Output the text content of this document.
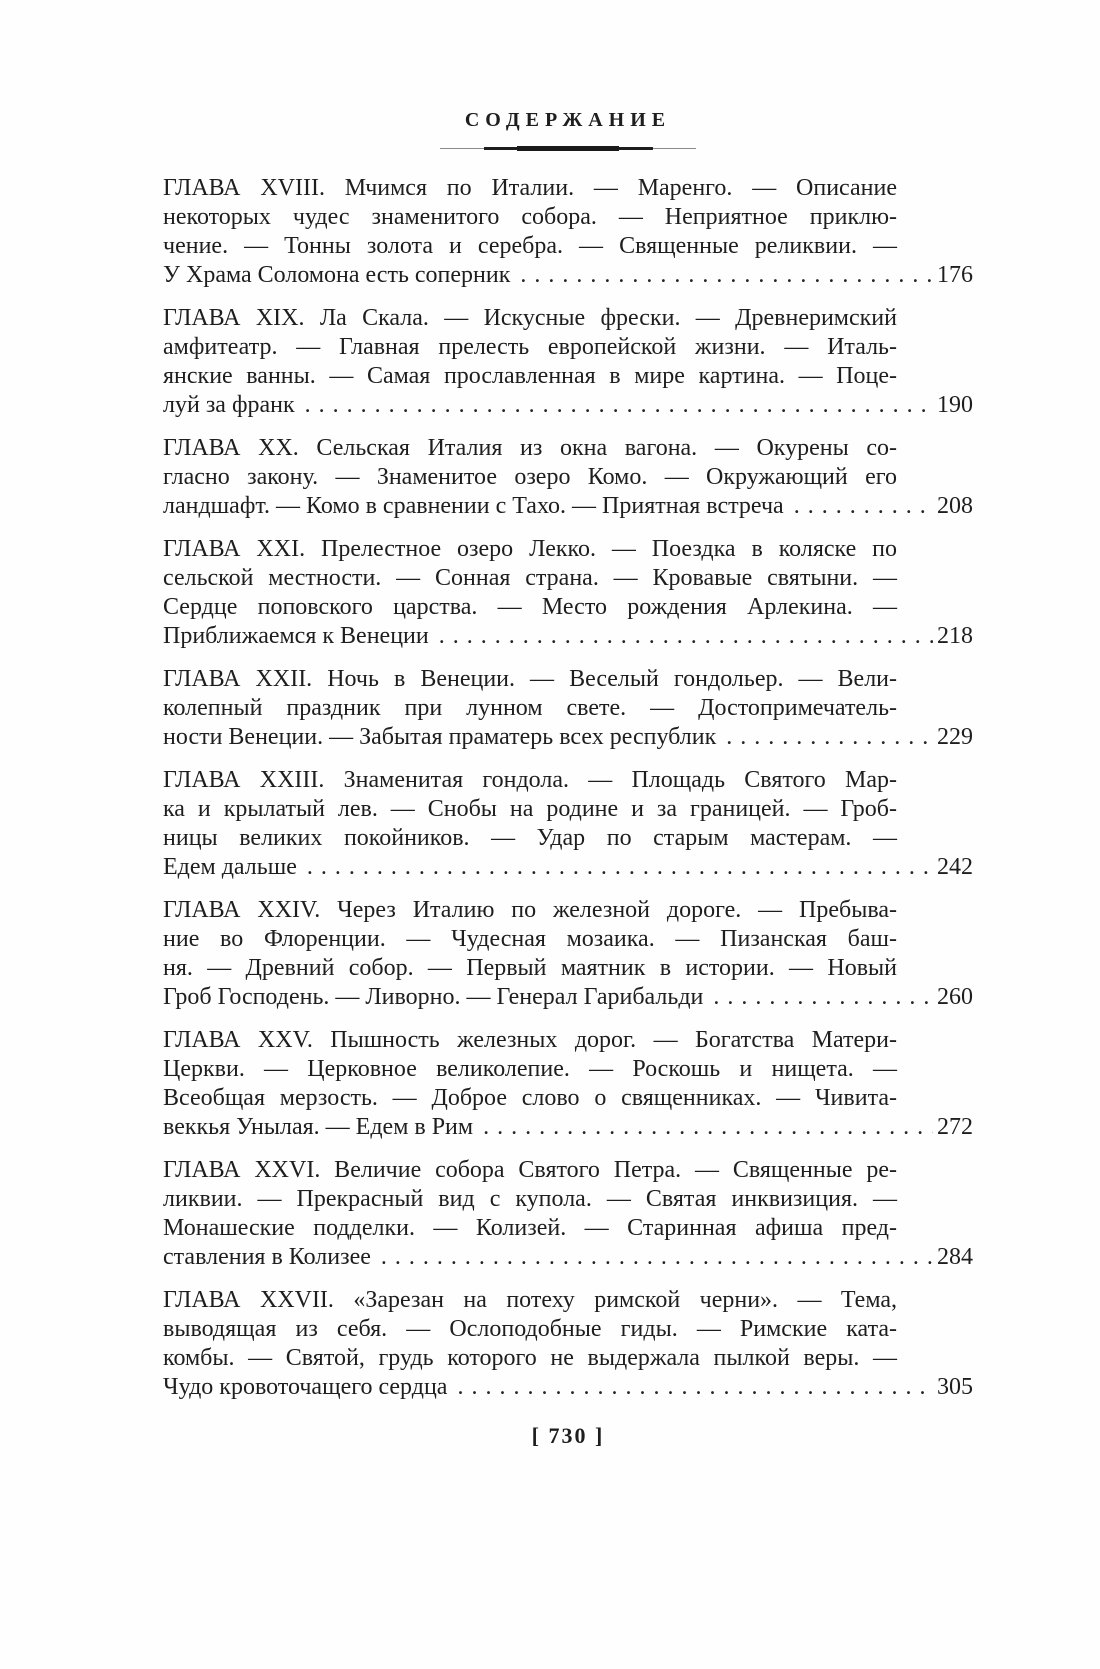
СОДЕРЖАНИЕ
ГЛАВА XVIII. Мчимся по Италии. — Маренго. — Описание
некоторых чудес знаменитого собора. — Неприятное приклю-
чение. — Тонны золота и серебра. — Священные реликвии. —
У Храма Соломона есть соперник .....	176
ГЛАВА XIX. Ла Скала. — Искусные фрески. — Древнеримский
амфитеатр. — Главная прелесть европейской жизни. — Италь-
янские ванны. — Самая прославленная в мире картина. — Поце-
луй за франк .....	190
ГЛАВА XX. Сельская Италия из окна вагона. — Окурены со-
гласно закону. — Знаменитое озеро Комо. — Окружающий его
ландшафт. — Комо в сравнении с Тахо. — Приятная встреча .....	208
ГЛАВА XXI. Прелестное озеро Лекко. — Поездка в коляске по
сельской местности. — Сонная страна. — Кровавые святыни. —
Сердце поповского царства. — Место рождения Арлекина. —
Приближаемся к Венеции .....	218
ГЛАВА XXII. Ночь в Венеции. — Веселый гондольер. — Вели-
колепный праздник при лунном свете. — Достопримечатель-
ности Венеции. — Забытая праматерь всех республик .....	229
ГЛАВА XXIII. Знаменитая гондола. — Площадь Святого Мар-
ка и крылатый лев. — Снобы на родине и за границей. — Гроб-
ницы великих покойников. — Удар по старым мастерам. —
Едем дальше .....	242
ГЛАВА XXIV. Через Италию по железной дороге. — Пребыва-
ние во Флоренции. — Чудесная мозаика. — Пизанская баш-
ня. — Древний собор. — Первый маятник в истории. — Новый
Гроб Господень. — Ливорно. — Генерал Гарибальди .....	260
ГЛАВА XXV. Пышность железных дорог. — Богатства Матери-
Церкви. — Церковное великолепие. — Роскошь и нищета. —
Всеобщая мерзость. — Доброе слово о священниках. — Чивита-
веккья Унылая. — Едем в Рим .....	272
ГЛАВА XXVI. Величие собора Святого Петра. — Священные ре-
ликвии. — Прекрасный вид с купола. — Святая инквизиция. —
Монашеские подделки. — Колизей. — Старинная афиша пред-
ставления в Колизее .....	284
ГЛАВА XXVII. «Зарезан на потеху римской черни». — Тема,
выводящая из себя. — Ослоподобные гиды. — Римские ката-
комбы. — Святой, грудь которого не выдержала пылкой веры. —
Чудо кровоточащего сердца .....	305
[ 730 ]
